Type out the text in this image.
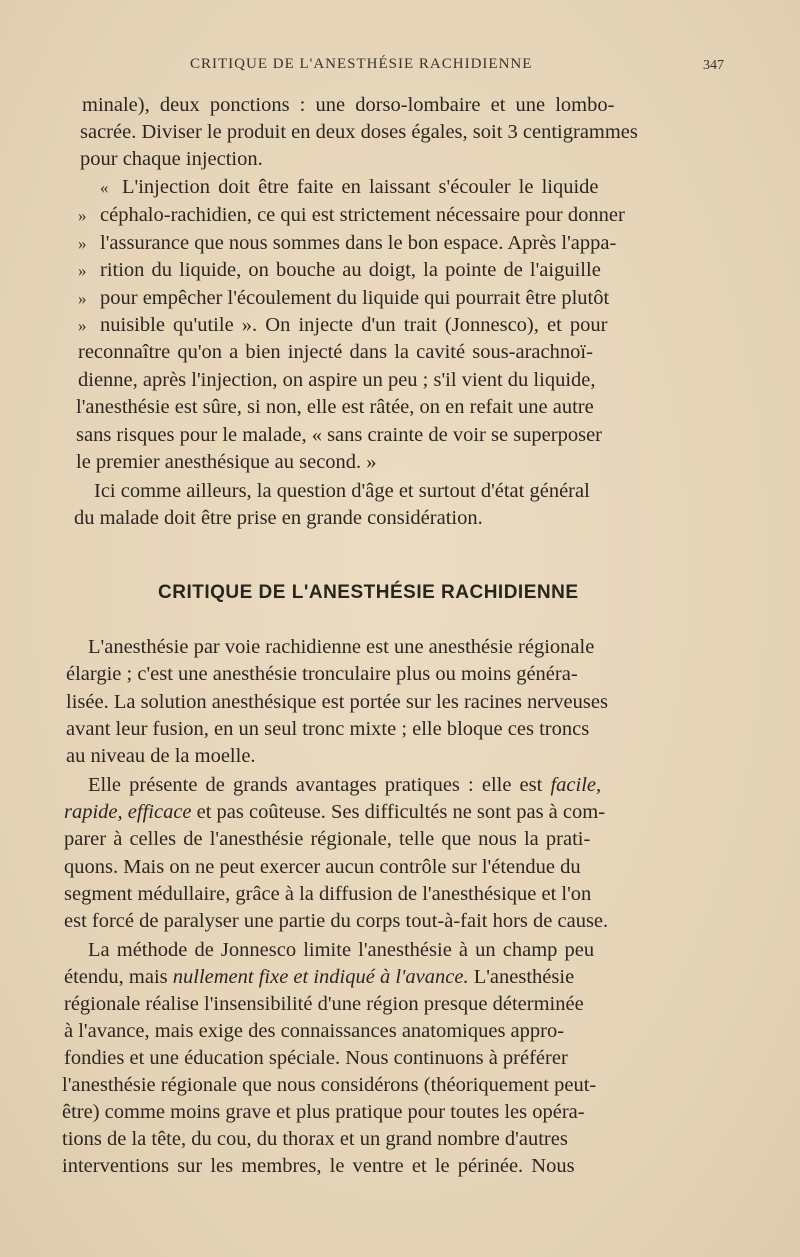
CRITIQUE DE L'ANESTHÉSIE RACHIDIENNE	347
minale), deux ponctions : une dorso-lombaire et une lombo-
sacrée. Diviser le produit en deux doses égales, soit 3 centigrammes
pour chaque injection.
« L'injection doit être faite en laissant s'écouler le liquide
» céphalo-rachidien, ce qui est strictement nécessaire pour donner
» l'assurance que nous sommes dans le bon espace. Après l'appa-
» rition du liquide, on bouche au doigt, la pointe de l'aiguille
» pour empêcher l'écoulement du liquide qui pourrait être plutôt
» nuisible qu'utile ». On injecte d'un trait (Jonnesco), et pour
reconnaître qu'on a bien injecté dans la cavité sous-arachnoï-
dienne, après l'injection, on aspire un peu ; s'il vient du liquide,
l'anesthésie est sûre, si non, elle est râtée, on en refait une autre
sans risques pour le malade, « sans crainte de voir se superposer
le premier anesthésique au second. »
Ici comme ailleurs, la question d'âge et surtout d'état général
du malade doit être prise en grande considération.
CRITIQUE DE L'ANESTHÉSIE RACHIDIENNE
L'anesthésie par voie rachidienne est une anesthésie régionale
élargie ; c'est une anesthésie tronculaire plus ou moins généra-
lisée. La solution anesthésique est portée sur les racines nerveuses
avant leur fusion, en un seul tronc mixte ; elle bloque ces troncs
au niveau de la moelle.
Elle présente de grands avantages pratiques : elle est facile,
rapide, efficace et pas coûteuse. Ses difficultés ne sont pas à com-
parer à celles de l'anesthésie régionale, telle que nous la prati-
quons. Mais on ne peut exercer aucun contrôle sur l'étendue du
segment médullaire, grâce à la diffusion de l'anesthésique et l'on
est forcé de paralyser une partie du corps tout-à-fait hors de cause.
La méthode de Jonnesco limite l'anesthésie à un champ peu
étendu, mais nullement fixe et indiqué à l'avance. L'anesthésie
régionale réalise l'insensibilité d'une région presque déterminée
à l'avance, mais exige des connaissances anatomiques appro-
fondies et une éducation spéciale. Nous continuons à préférer
l'anesthésie régionale que nous considérons (théoriquement peut-
être) comme moins grave et plus pratique pour toutes les opéra-
tions de la tête, du cou, du thorax et un grand nombre d'autres
interventions sur les membres, le ventre et le périnée. Nous
